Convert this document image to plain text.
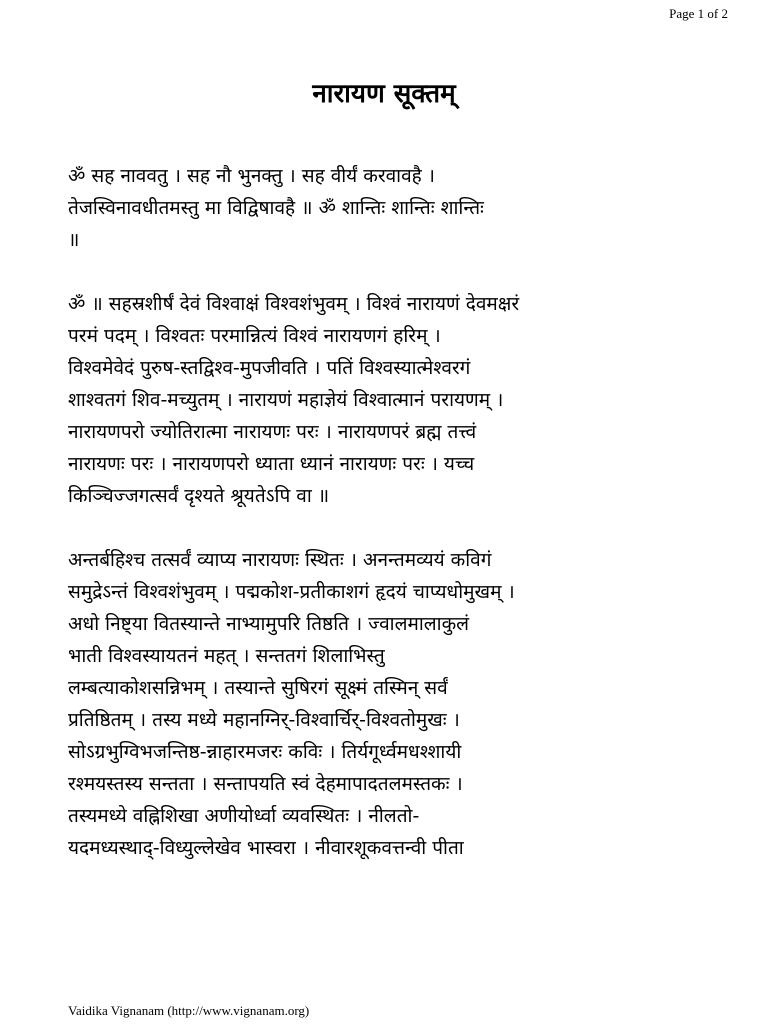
Page 1 of 2
नारायण सूक्तम्
ॐ सह नाववतु । सह नौ भुनक्तु । सह वीर्यं करवावहै ।
तेजस्विनावधीतमस्तु मा विद्विषावहै ॥ ॐ शान्तिः शान्तिः शान्तिः
॥
ॐ ॥ सहस्रशीर्षं देवं विश्वाक्षं विश्वशंभुवम् । विश्वं नारायणं देवमक्षरं
परमं पदम् । विश्वतः परमान्नित्यं विश्वं नारायणगं हरिम् ।
विश्वमेवेदं पुरुष-स्तद्विश्व-मुपजीवति । पतिं विश्वस्यात्मेश्वरगं
शाश्वतगं शिव-मच्युतम् । नारायणं महाज्ञेयं विश्वात्मानं परायणम् ।
नारायणपरो ज्योतिरात्मा नारायणः परः । नारायणपरं ब्रह्म तत्त्वं
नारायणः परः । नारायणपरो ध्याता ध्यानं नारायणः परः । यच्च
किञ्चिज्जगत्सर्वं दृश्यते श्रूयतेऽपि वा ॥
अन्तर्बहिश्च तत्सर्वं व्याप्य नारायणः स्थितः । अनन्तमव्ययं कविगं
समुद्रेऽन्तं विश्वशंभुवम् । पद्मकोश-प्रतीकाशगं हृदयं चाप्यधोमुखम् ।
अधो निष्ट्या वितस्यान्ते नाभ्यामुपरि तिष्ठति । ज्वालमालाकुलं
भाती विश्वस्यायतनं महत् । सन्ततगं शिलाभिस्तु
लम्बत्याकोशसन्निभम् । तस्यान्ते सुषिरगं सूक्ष्मं तस्मिन् सर्वं
प्रतिष्ठितम् । तस्य मध्ये महानग्निर्-विश्वार्चिर्-विश्वतोमुखः ।
सोऽग्रभुग्विभजन्तिष्ठ-न्नाहारमजरः कविः । तिर्यगूर्ध्वमधश्शायी
रश्मयस्तस्य सन्तता । सन्तापयति स्वं देहमापादतलमस्तकः ।
तस्यमध्ये वह्निशिखा अणीयोर्ध्वा व्यवस्थितः । नीलतो-
यदमध्यस्थाद्-विध्युल्लेखेव भास्वरा । नीवारशूकवत्तन्वी पीता
Vaidika Vignanam (http://www.vignanam.org)
